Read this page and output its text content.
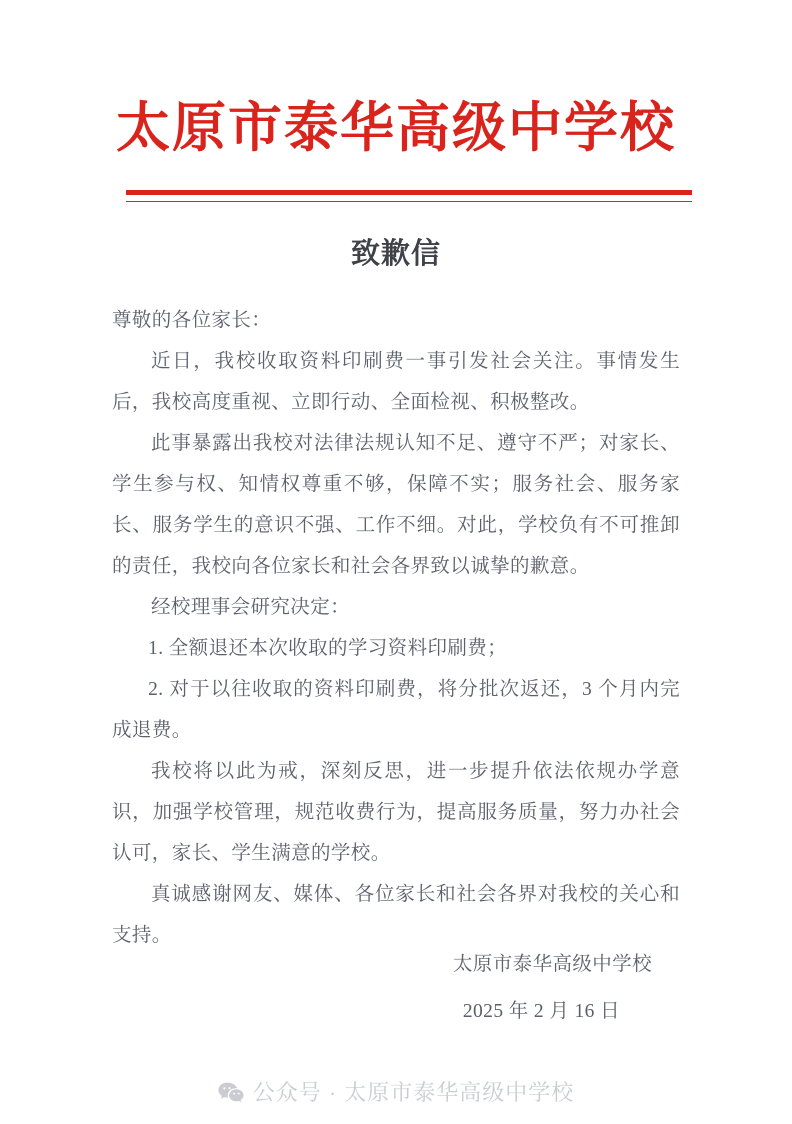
太原市泰华高级中学校
致歉信

尊敬的各位家长：

近日，我校收取资料印刷费一事引发社会关注。事情发生后，我校高度重视、立即行动、全面检视、积极整改。

此事暴露出我校对法律法规认知不足、遵守不严；对家长、学生参与权、知情权尊重不够，保障不实；服务社会、服务家长、服务学生的意识不强、工作不细。对此，学校负有不可推卸的责任，我校向各位家长和社会各界致以诚挚的歉意。

经校理事会研究决定：

1. 全额退还本次收取的学习资料印刷费；

2. 对于以往收取的资料印刷费，将分批次返还，3 个月内完成退费。

我校将以此为戒，深刻反思，进一步提升依法依规办学意识，加强学校管理，规范收费行为，提高服务质量，努力办社会认可，家长、学生满意的学校。

真诚感谢网友、媒体、各位家长和社会各界对我校的关心和支持。

太原市泰华高级中学校
2025 年 2 月 16 日
公众号 · 太原市泰华高级中学校
